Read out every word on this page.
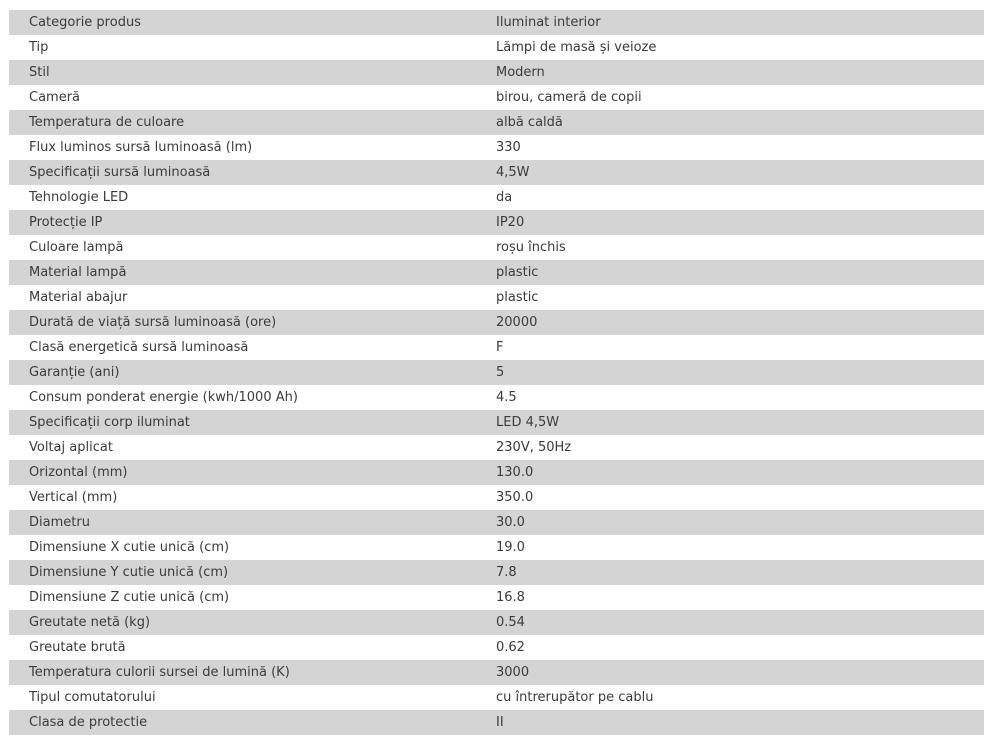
Categorie produs	Iluminat interior
Tip	Lămpi de masă și veioze
Stil	Modern
Cameră	birou, cameră de copii
Temperatura de culoare	albă caldă
Flux luminos sursă luminoasă (lm)	330
Specificații sursă luminoasă	4,5W
Tehnologie LED	da
Protecție IP	IP20
Culoare lampă	roșu închis
Material lampă	plastic
Material abajur	plastic
Durată de viață sursă luminoasă (ore)	20000
Clasă energetică sursă luminoasă	F
Garanție (ani)	5
Consum ponderat energie (kwh/1000 Ah)	4.5
Specificații corp iluminat	LED 4,5W
Voltaj aplicat	230V, 50Hz
Orizontal (mm)	130.0
Vertical (mm)	350.0
Diametru	30.0
Dimensiune X cutie unică (cm)	19.0
Dimensiune Y cutie unică (cm)	7.8
Dimensiune Z cutie unică (cm)	16.8
Greutate netă (kg)	0.54
Greutate brută	0.62
Temperatura culorii sursei de lumină (K)	3000
Tipul comutatorului	cu întrerupător pe cablu
Clasa de protectie	II
